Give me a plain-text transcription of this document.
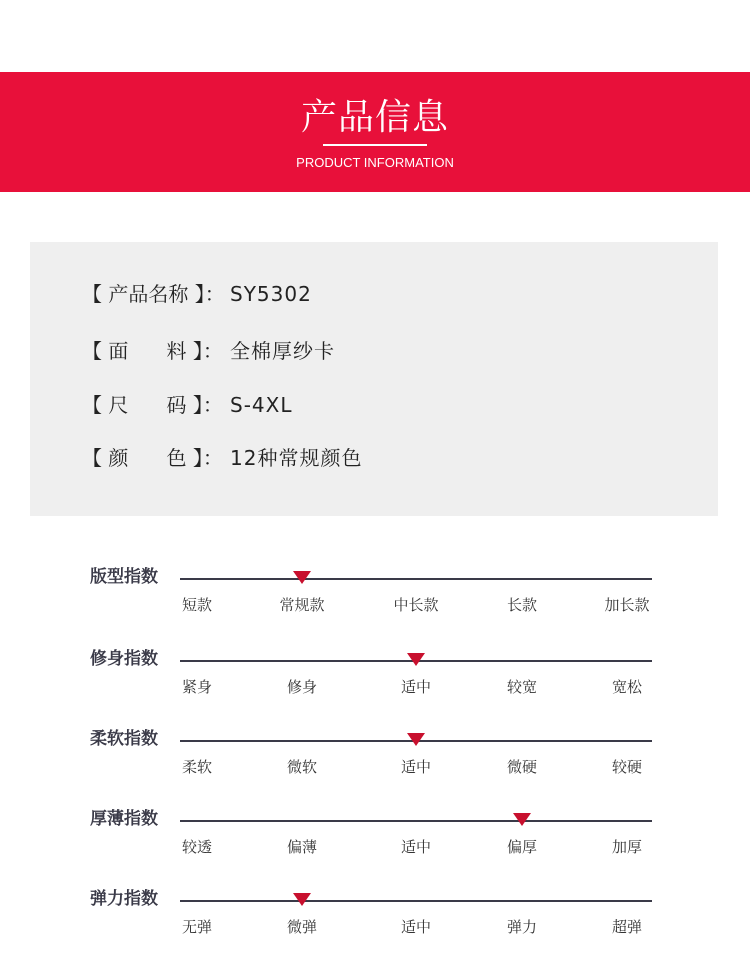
产品信息
PRODUCT INFORMATION
【 产品名称 】： SY5302
【 面      料 】： 全棉厚纱卡
【 尺      码 】： S-4XL
【 颜      色 】： 12种常规颜色
版型指数
短款	常规款	中长款	长款	加长款
修身指数
紧身	修身	适中	较宽	宽松
柔软指数
柔软	微软	适中	微硬	较硬
厚薄指数
较透	偏薄	适中	偏厚	加厚
弹力指数
无弹	微弹	适中	弹力	超弹
